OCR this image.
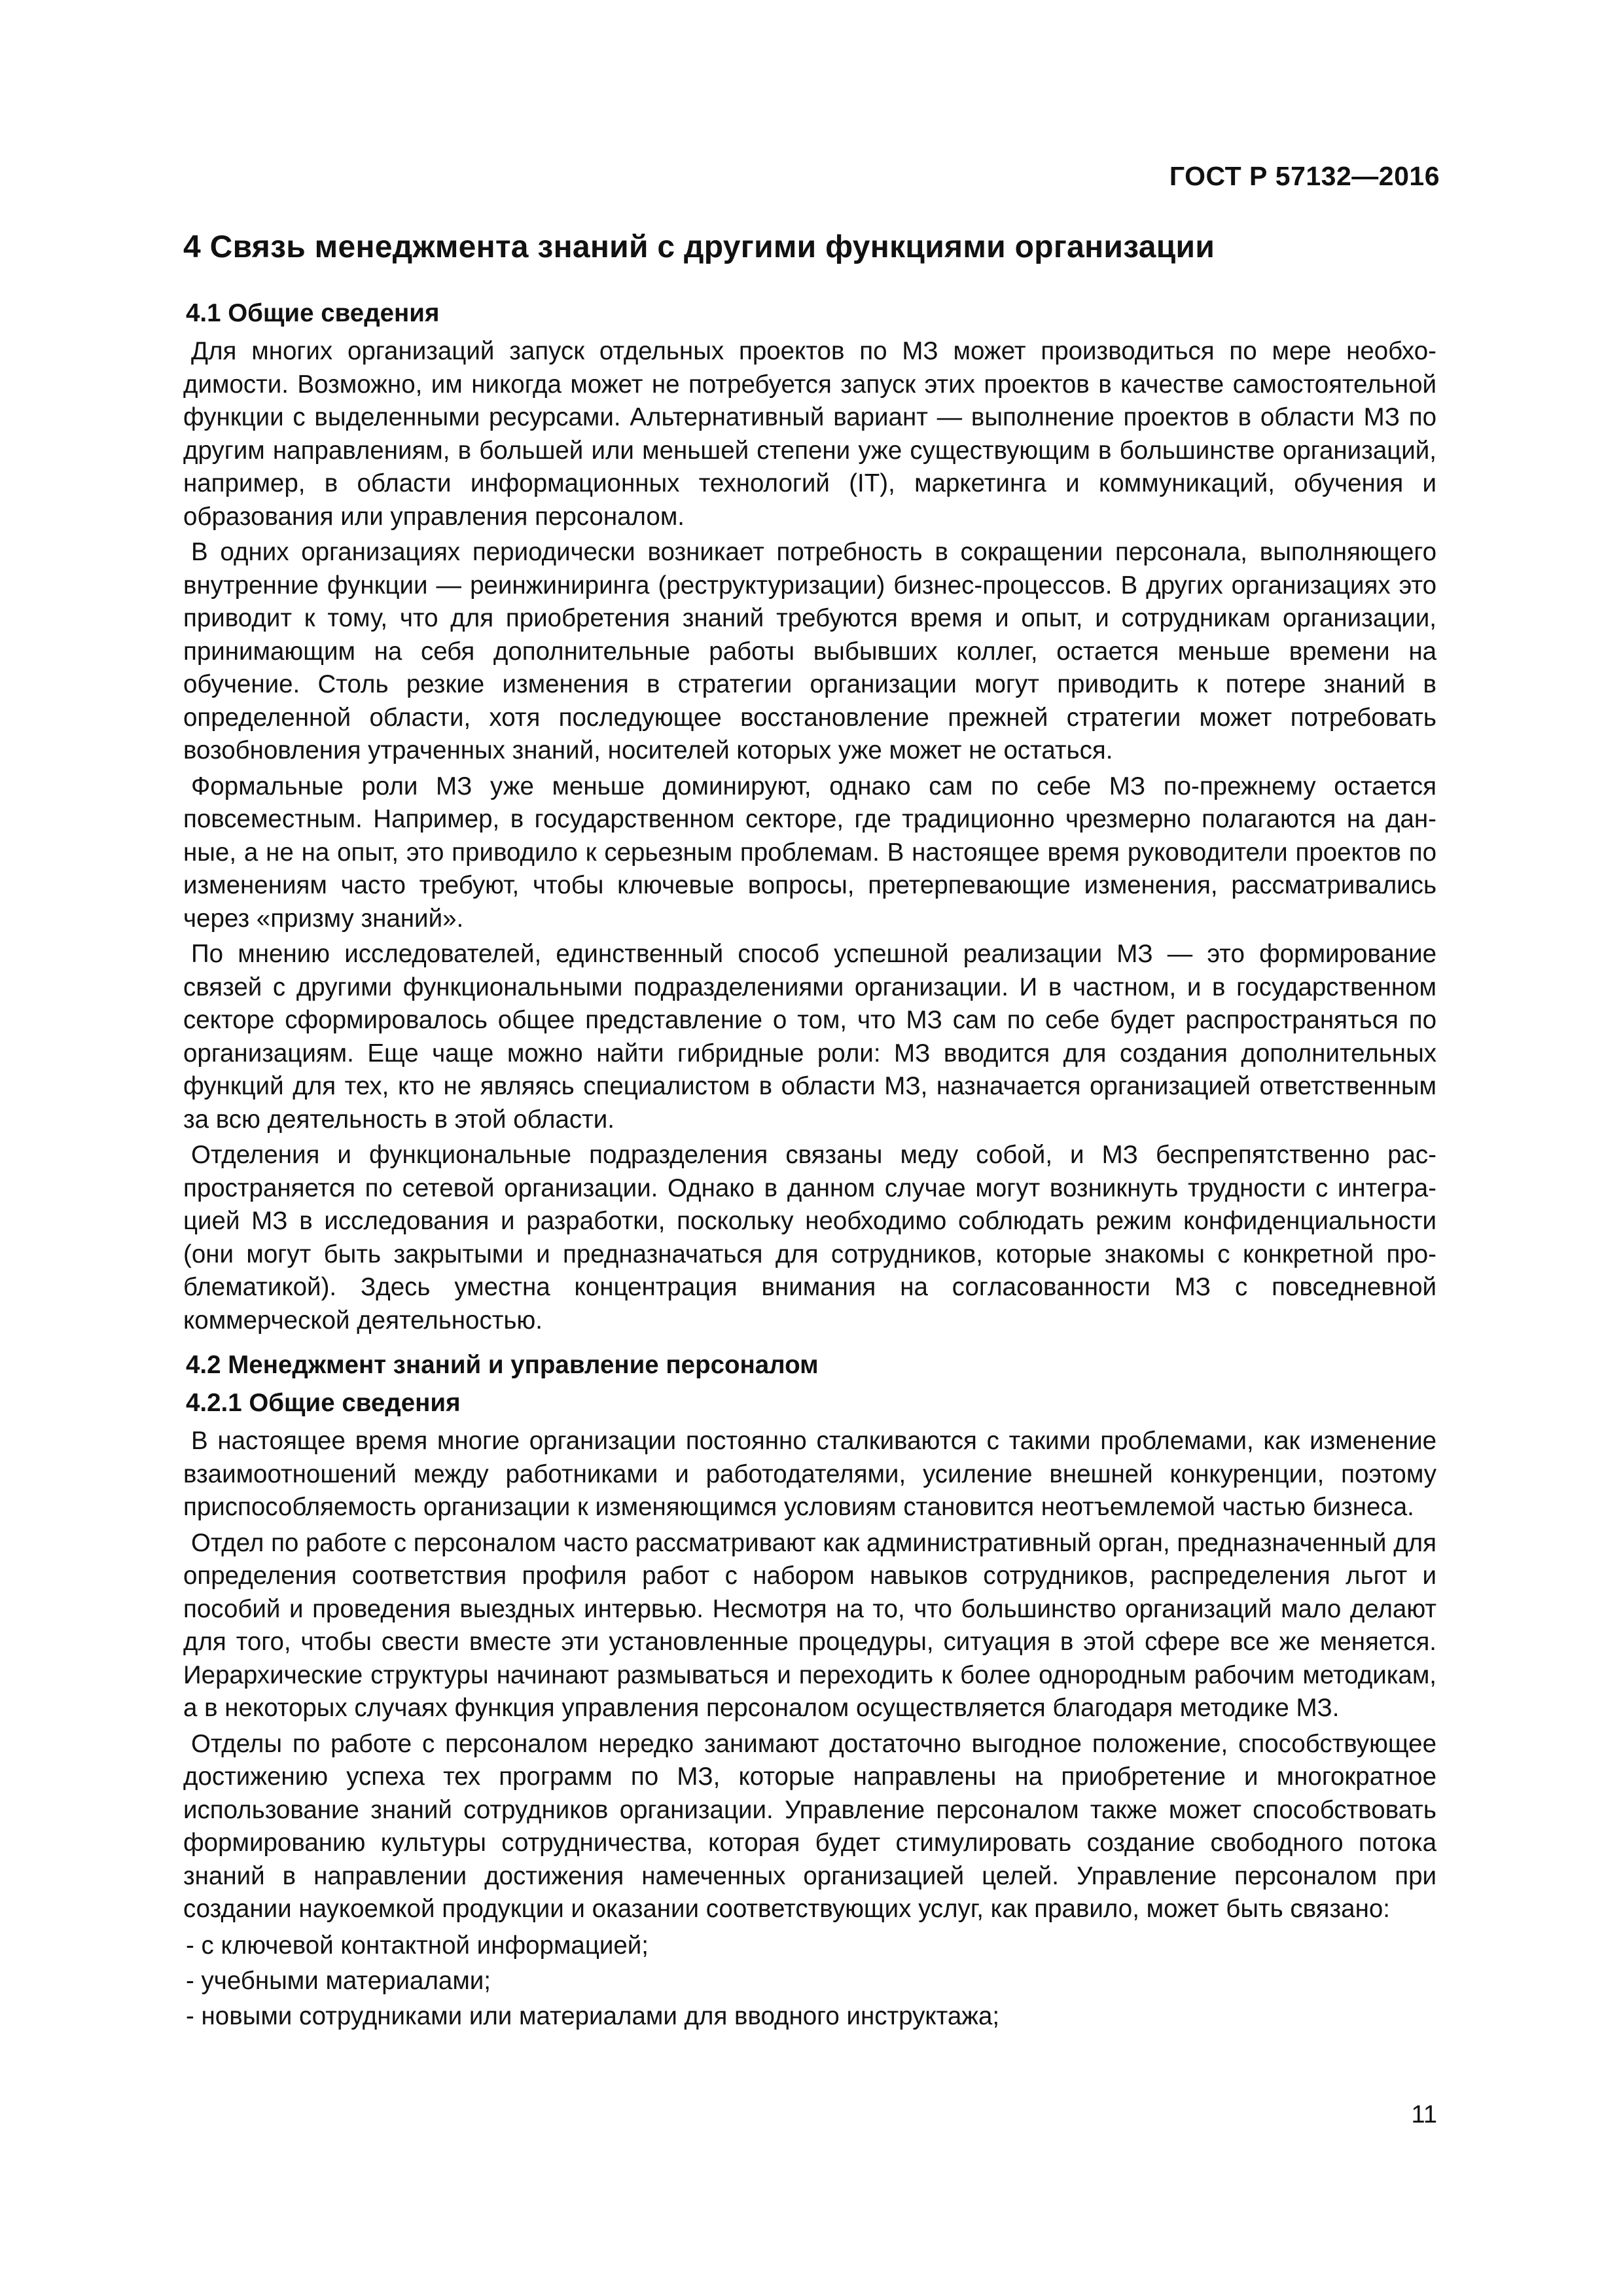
ГОСТ Р 57132—2016
4 Связь менеджмента знаний с другими функциями организации
4.1 Общие сведения

Для многих организаций запуск отдельных проектов по МЗ может производиться по мере необходимости. Возможно, им никогда может не потребуется запуск этих проектов в качестве самостоятельной функции с выделенными ресурсами. Альтернативный вариант — выполнение проектов в области МЗ по другим направлениям, в большей или меньшей степени уже существующим в большинстве организаций, например, в области информационных технологий (IT), маркетинга и коммуникаций, обучения и образования или управления персоналом.

В одних организациях периодически возникает потребность в сокращении персонала, выполняющего внутренние функции — реинжиниринга (реструктуризации) бизнес-процессов. В других организациях это приводит к тому, что для приобретения знаний требуются время и опыт, и сотрудникам организации, принимающим на себя дополнительные работы выбывших коллег, остается меньше времени на обучение. Столь резкие изменения в стратегии организации могут приводить к потере знаний в определенной области, хотя последующее восстановление прежней стратегии может потребовать возобновления утраченных знаний, носителей которых уже может не остаться.

Формальные роли МЗ уже меньше доминируют, однако сам по себе МЗ по-прежнему остается повсеместным. Например, в государственном секторе, где традиционно чрезмерно полагаются на данные, а не на опыт, это приводило к серьезным проблемам. В настоящее время руководители проектов по изменениям часто требуют, чтобы ключевые вопросы, претерпевающие изменения, рассматривались через «призму знаний».

По мнению исследователей, единственный способ успешной реализации МЗ — это формирование связей с другими функциональными подразделениями организации. И в частном, и в государственном секторе сформировалось общее представление о том, что МЗ сам по себе будет распространяться по организациям. Еще чаще можно найти гибридные роли: МЗ вводится для создания дополнительных функций для тех, кто не являясь специалистом в области МЗ, назначается организацией ответственным за всю деятельность в этой области.

Отделения и функциональные подразделения связаны меду собой, и МЗ беспрепятственно распространяется по сетевой организации. Однако в данном случае могут возникнуть трудности с интеграцией МЗ в исследования и разработки, поскольку необходимо соблюдать режим конфиденциальности (они могут быть закрытыми и предназначаться для сотрудников, которые знакомы с конкретной проблематикой). Здесь уместна концентрация внимания на согласованности МЗ с повседневной коммерческой деятельностью.

4.2 Менеджмент знаний и управление персоналом
4.2.1 Общие сведения

В настоящее время многие организации постоянно сталкиваются с такими проблемами, как изменение взаимоотношений между работниками и работодателями, усиление внешней конкуренции, поэтому приспособляемость организации к изменяющимся условиям становится неотъемлемой частью бизнеса.

Отдел по работе с персоналом часто рассматривают как административный орган, предназначенный для определения соответствия профиля работ с набором навыков сотрудников, распределения льгот и пособий и проведения выездных интервью. Несмотря на то, что большинство организаций мало делают для того, чтобы свести вместе эти установленные процедуры, ситуация в этой сфере все же меняется. Иерархические структуры начинают размываться и переходить к более однородным рабочим методикам, а в некоторых случаях функция управления персоналом осуществляется благодаря методике МЗ.

Отделы по работе с персоналом нередко занимают достаточно выгодное положение, способствующее достижению успеха тех программ по МЗ, которые направлены на приобретение и многократное использование знаний сотрудников организации. Управление персоналом также может способствовать формированию культуры сотрудничества, которая будет стимулировать создание свободного потока знаний в направлении достижения намеченных организацией целей. Управление персоналом при создании наукоемкой продукции и оказании соответствующих услуг, как правило, может быть связано:

- с ключевой контактной информацией;
- учебными материалами;
- новыми сотрудниками или материалами для вводного инструктажа;
11
